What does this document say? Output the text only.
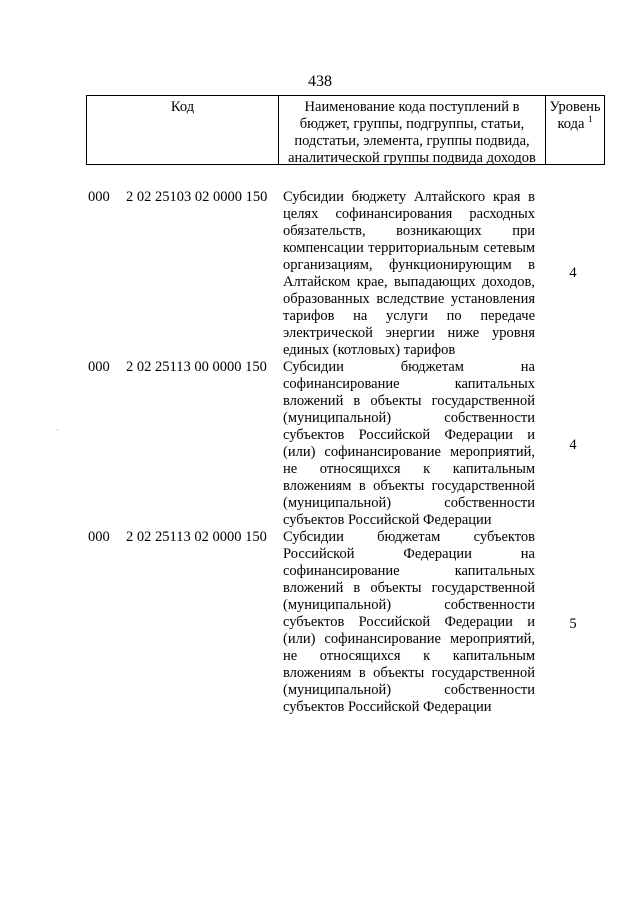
438
Код	Наименование кода поступлений в
бюджет, группы, подгруппы, статьи,
подстатьи, элемента, группы подвида,
аналитической группы подвида доходов
Уровень
кода $^1$
·
000	2 02 25103 02 0000 150	Субсидии бюджету Алтайского края в
целях софинансирования расходных
обязательств, возникающих при
компенсации территориальным сетевым
организациям, функционирующим в
Алтайском крае, выпадающих доходов,
образованных вследствие установления
тарифов на услуги по передаче
электрической энергии ниже уровня
единых (котловых) тарифов
4
000	2 02 25113 00 0000 150	Субсидии бюджетам на
софинансирование капитальных
вложений в объекты государственной
(муниципальной) собственности
субъектов Российской Федерации и
(или) софинансирование мероприятий,
не относящихся к капитальным
вложениям в объекты государственной
(муниципальной) собственности
субъектов Российской Федерации
4
000	2 02 25113 02 0000 150	Субсидии бюджетам субъектов
Российской Федерации на
софинансирование капитальных
вложений в объекты государственной
(муниципальной) собственности
субъектов Российской Федерации и
(или) софинансирование мероприятий,
не относящихся к капитальным
вложениям в объекты государственной
(муниципальной) собственности
субъектов Российской Федерации
5
